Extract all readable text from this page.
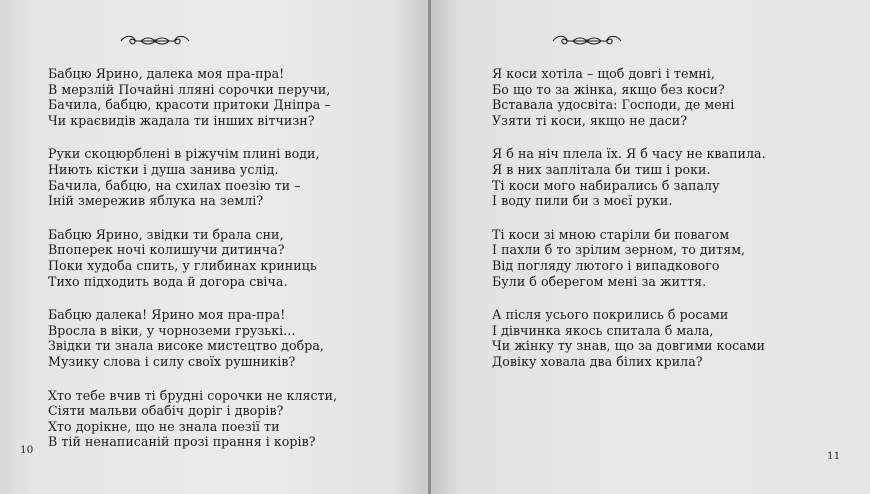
Бабцю Ярино, далека моя пра-пра!
В мерзлій Почайні лляні сорочки перучи,
Бачила, бабцю, красоти притоки Дніпра –
Чи краєвидів жадала ти інших вітчизн?
Руки скоцюрблені в ріжучім плині води,
Ниють кістки і душа занива услід.
Бачила, бабцю, на схилах поезію ти –
Іній змережив яблука на землі?
Бабцю Ярино, звідки ти брала сни,
Впоперек ночі колишучи дитинча?
Поки худоба спить, у глибинах криниць
Тихо підходить вода й догора свіча.
Бабцю далека! Ярино моя пра-пра!
Вросла в віки, у чорноземи грузькі...
Звідки ти знала високе мистецтво добра,
Музику слова і силу своїх рушників?
Хто тебе вчив ті брудні сорочки не клясти,
Сіяти мальви обабіч доріг і дворів?
Хто дорікне, що не знала поезії ти
В тій ненаписаній прозі прання і корів?
10
Я коси хотіла – щоб довгі і темні,
Бо що то за жінка, якщо без коси?
Вставала удосвіта: Господи, де мені
Узяти ті коси, якщо не даси?
Я б на ніч плела їх. Я б часу не квапила.
Я в них заплітала би тиш і роки.
Ті коси мого набирались б запалу
І воду пили би з моєї руки.
Ті коси зі мною старіли би повагом
І пахли б то зрілим зерном, то дитям,
Від погляду лютого і випадкового
Були б оберегом мені за життя.
А після усього покрились б росами
І дівчинка якось спитала б мала,
Чи жінку ту знав, що за довгими косами
Довіку ховала два білих крила?
11
